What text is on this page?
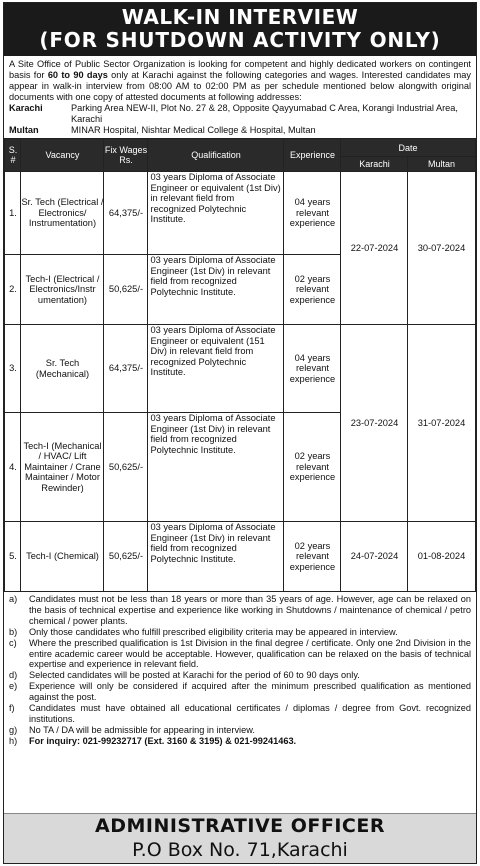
WALK-IN INTERVIEW
(FOR SHUTDOWN ACTIVITY ONLY)
A Site Office of Public Sector Organization is looking for competent and highly dedicated workers on contingent basis for 60 to 90 days only at Karachi against the following categories and wages. Interested candidates may appear in walk-in interview from 08:00 AM to 02:00 PM as per schedule mentioned below alongwith original documents with one copy of attested documents at following addresses:
Karachi	Parking Area NEW-II, Plot No. 27 & 28, Opposite Qayyumabad C Area, Korangi Industrial Area, Karachi
Multan	MINAR Hospital, Nishtar Medical College & Hospital, Multan
S. #	Vacancy	Fix Wages Rs.	Qualification	Experience	Date	
					Karachi	Multan
1.	Sr. Tech (Electrical / Electronics/ Instrumentation)	64,375/-	03 years Diploma of Associate Engineer or equivalent (1st Div) in relevant field from recognized Polytechnic Institute.	04 years relevant experience	22-07-2024	30-07-2024
2.	Tech-I (Electrical / Electronics/Instr umentation)	50,625/-	03 years Diploma of Associate Engineer (1st Div) in relevant field from recognized Polytechnic Institute.	02 years relevant experience		
3.	Sr. Tech (Mechanical)	64,375/-	03 years Diploma of Associate Engineer or equivalent (151 Div) in relevant field from recognized Polytechnic Institute.	04 years relevant experience	23-07-2024	31-07-2024
4.	Tech-I (Mechanical / HVAC/ Lift Maintainer / Crane Maintainer / Motor Rewinder)	50,625/-	03 years Diploma of Associate Engineer (1st Div) in relevant field from recognized Polytechnic Institute.	02 years relevant experience		
5.	Tech-I (Chemical)	50,625/-	03 years Diploma of Associate Engineer (1st Div) in relevant field from recognized Polytechnic Institute.	02 years relevant experience	24-07-2024	01-08-2024
a)	Candidates must not be less than 18 years or more than 35 years of age. However, age can be relaxed on the basis of technical expertise and experience like working in Shutdowns / maintenance of chemical / petro chemical / power plants.
b)	Only those candidates who fulfill prescribed eligibility criteria may be appeared in interview.
c)	Where the prescribed qualification is 1st Division in the final degree / certificate. Only one 2nd Division in the entire academic career would be acceptable. However, qualification can be relaxed on the basis of technical expertise and experience in relevant field.
d)	Selected candidates will be posted at Karachi for the period of 60 to 90 days only.
e)	Experience will only be considered if acquired after the minimum prescribed qualification as mentioned against the post.
f)	Candidates must have obtained all educational certificates / diplomas / degree from Govt. recognized institutions.
g)	No TA / DA will be admissible for appearing in interview.
h)	For inquiry: 021-99232717 (Ext. 3160 & 3195) & 021-99241463.
ADMINISTRATIVE OFFICER
P.O Box No. 71,Karachi
